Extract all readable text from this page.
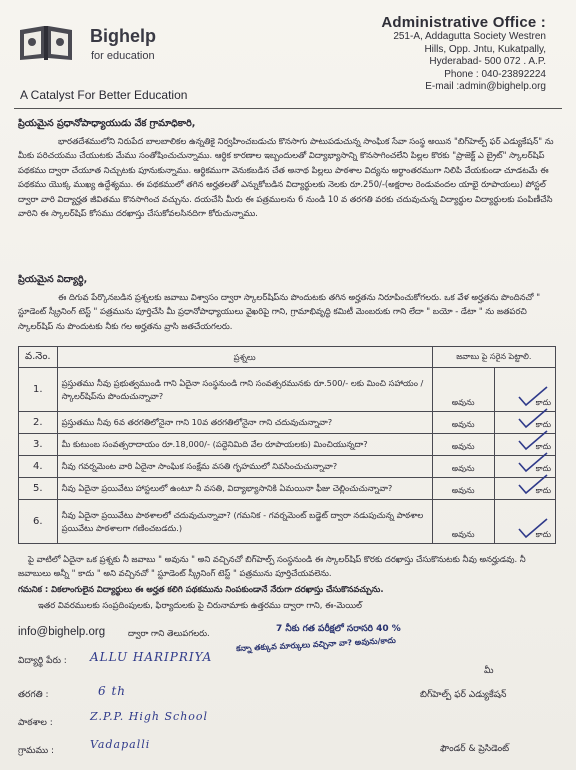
Bighelp
for education
A Catalyst For Better Education
Administrative Office :
251-A, Addagutta Society Westren
Hills, Opp. Jntu, Kukatpally,
Hyderabad- 500 072 . A.P.
Phone : 040-23892224
E-mail :admin@bighelp.org
ప్రియమైన ప్రధానోపాధ్యాయుడు వేక గ్రామాధికారి,
భారతదేశములోని నిరుపేద బాలబాలికల ఉన్నతికై నిర్వహించబడుచు కొనసాగు పాటుపడుచున్న సాంఘిక సేవా సంస్థ అయిన "బిగ్‌హెల్ప్ ఫర్ ఎడ్యుకేషన్" ను మీకు పరిచయము చేయుటకు మేము సంతోషించుచున్నాము. ఆర్థిక కారణాల ఇబ్బందులతో విద్యాభ్యాసాన్ని కొనసాగించలేని పిల్లల కొరకు "ప్రాజెక్ట్ ఎ బ్రైట్" స్కాలర్‌షిప్ పథకము ద్వారా చేయూత నిచ్చుటకు పూనుకున్నాము. ఆర్థికముగా వెనుకబడిన చేత అనాథ పిల్లలు పాఠశాల విద్యను అర్థాంతరముగా నిలిపి వేయకుండా చూడటమే ఈ పథకము యొక్క ముఖ్య ఉద్దేశ్యము. ఈ పథకములో తగిన అర్హతలతో ఎన్నుకోబడిన విద్యార్థులకు నెలకు రూ.250/-(అక్షరాల రెండువందల యాభై రూపాయలు) పోస్టల్ ద్వారా వారి విద్యార్హత జీవితము కొనసాగించ వచ్చును. దయచేసి మీరు ఈ పత్రములను 6 నుండి 10 వ తరగతి వరకు చదువుచున్న విద్యార్థుల విద్యార్థులకు పంపిణీచేసి వారిని ఈ స్కాలర్‌షిప్ కోసము దరఖాస్తు చేసుకోవలసినదిగా కోరుచున్నాము.
ప్రియమైన విద్యార్థి,
ఈ దిగువ పేర్కొనబడిన ప్రశ్నలకు జవాబు విశ్వాసం ద్వారా స్కాలర్‌షిప్‌ను పొందుటకు తగిన అర్హతను నిరూపించుకోగలరు. ఒక వేళ అర్హతను పొందినచో " స్టూడెంట్ స్క్రీనింగ్ టెస్ట్ " పత్రమును పూర్తిచేసి మీ ప్రధానోపాధ్యాయులు వైఖరిపై గాని, గ్రామాభివృద్ధి కమిటీ మెంబరుకు గాని లేదా " బయో - డేటా " ను జతపరచి స్కాలర్‌షిప్ ను పొందుటకు నీకు గల అర్హతను వ్రాసి జతచేయగలరు.
వ.నెం.	ప్రశ్నలు	జవాబు పై సరైన పెట్టాలి.	
1.	ప్రస్తుతము నీవు ప్రభుత్వముండి గాని ఏదైనా సంస్థనుండి గాని సంవత్సరమునకు రూ.500/- లకు మించి సహాయం / స్కాలర్‌షిప్‌ను పొందుచున్నావా?	అవును	కాదు

2.	ప్రస్తుతము నీవు 6వ తరగతిలోనైనా గాని 10వ తరగతిలోనైనా గాని చదువుచున్నావా?	అవును	కాదు

3.	మీ కుటుంబ సంవత్సరాదాయం రూ.18,000/- (పద్దెనిమిది వేల రూపాయలకు) మించియున్నదా?	అవును	కాదు

4.	నీవు గవర్నమెంట వారి ఏదైనా సాంఘిక సంక్షేమ వసతి గృహములో నివసించుచున్నావా?	అవును	కాదు

5.	నీవు ఏదైనా ప్రయివేటు హాస్టలులో ఉంటూ నీ వసతి, విద్యాభ్యాసానికి ఏమయినా ఫీజు చెల్లించుచున్నావా?	అవును	కాదు

6.	నీవు ఏదైనా ప్రయివేటు పాఠశాలలో చదువుచున్నావా? (గమనిక - గవర్నమెంట్ బడ్జెట్ ద్వారా నడుపుచున్న పాఠశాల ప్రయివేటు పాఠశాలగా గణించబడదు.)	అవును	కాదు
పై వాటిలో ఏదైనా ఒక ప్రశ్నకు నీ జవాబు " అవును " అని వచ్చినచో బిగ్‌హెల్ప్ సంస్థనుండి ఈ స్కాలర్‌షిప్ కొరకు దరఖాస్తు చేసుకొనుటకు నీవు అనర్హుడవు. నీ జవాబులు అన్నీ " కాదు " అని వచ్చినచో " స్టూడెంట్ స్క్రీనింగ్ టెస్ట్ " పత్రమును పూర్తిచేయవలెను.
గమనిక : వికలాంగులైన విద్యార్థులు ఈ అర్హత కలిగి పథకమును నింపకుండానే నేరుగా దరఖాస్తు చేసుకొనవచ్చును.
ఇతర వివరములకు సంప్రదింపులకు, ఫిర్యాదులకు పై చిరునామాకు ఉత్తరము ద్వారా గాని, ఈ-మెయిల్
info@bighelp.org	ద్వారా గాని తెలుపగలరు.	7 నీకు గత పరీక్షలో సరాసరి 40 %
కన్నా తక్కువ మార్కులు వచ్చినా వా? అవును/కాదు
విద్యార్థి పేరు : ALLU HARIPRIYA
తరగతి :	6 th
పాఠశాల :	Z.P.P. High School
గ్రామము :	Vadapalli
మీ
బిగ్‌హెల్ప్ ఫర్ ఎడ్యుకేషన్
ఫౌండర్ & ప్రెసిడెంట్
